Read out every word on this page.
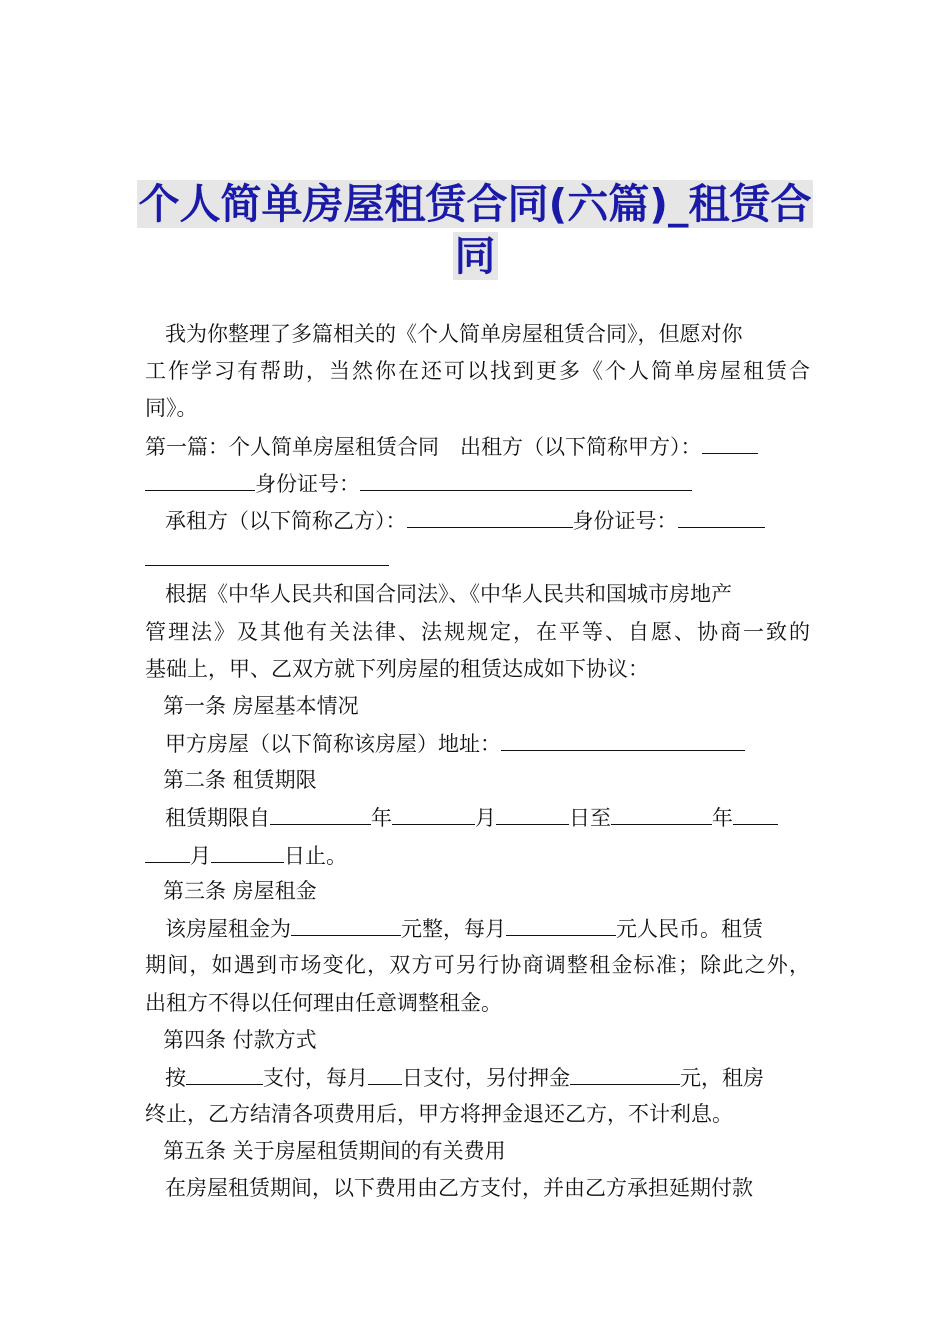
个人简单房屋租赁合同(六篇)_租赁合
同
我为你整理了多篇相关的《个人简单房屋租赁合同》，但愿对你
工作学习有帮助，当然你在还可以找到更多《个人简单房屋租赁合
同》。
第一篇：个人简单房屋租赁合同　出租方（以下简称甲方）：
身份证号：
承租方（以下简称乙方）：	身份证号：
根据《中华人民共和国合同法》、《中华人民共和国城市房地产
管理法》及其他有关法律、法规规定，在平等、自愿、协商一致的
基础上，甲、乙双方就下列房屋的租赁达成如下协议：
第一条 房屋基本情况
甲方房屋（以下简称该房屋）地址：
第二条 租赁期限
租赁期限自	年	月	日至	年
月	日止。
第三条 房屋租金
该房屋租金为	元整，每月	元人民币。租赁
期间，如遇到市场变化，双方可另行协商调整租金标准；除此之外，
出租方不得以任何理由任意调整租金。
第四条 付款方式
按	支付，每月 日支付，另付押金	元，租房
终止，乙方结清各项费用后，甲方将押金退还乙方，不计利息。
第五条 关于房屋租赁期间的有关费用
在房屋租赁期间，以下费用由乙方支付，并由乙方承担延期付款
